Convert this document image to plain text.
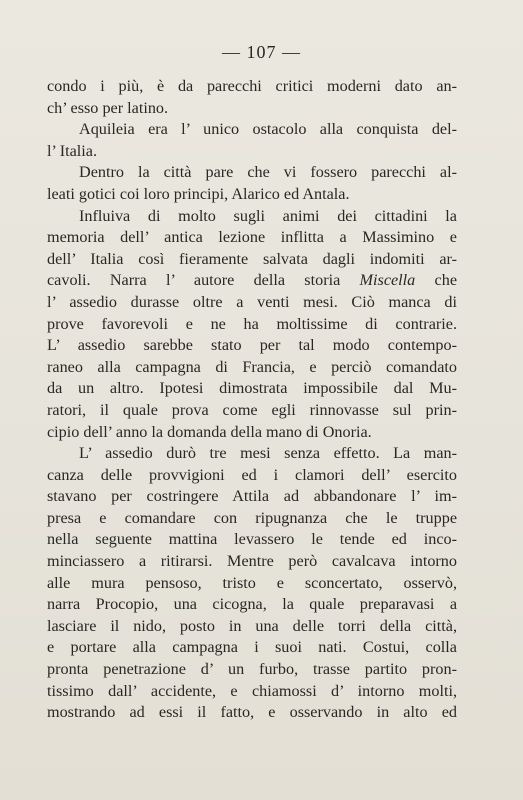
— 107 —

condo i più, è da parecchi critici moderni dato an-
ch’ esso per latino.

Aquileia era l’ unico ostacolo alla conquista del-
l’ Italia.

Dentro la città pare che vi fossero parecchi al-
leati gotici coi loro principi, Alarico ed Antala.

Influiva di molto sugli animi dei cittadini la
memoria dell’ antica lezione inflitta a Massimino e
dell’ Italia così fieramente salvata dagli indomiti ar-
cavoli. Narra l’ autore della storia Miscella che
l’ assedio durasse oltre a venti mesi. Ciò manca di
prove favorevoli e ne ha moltissime di contrarie.
L’ assedio sarebbe stato per tal modo contempo-
raneo alla campagna di Francia, e perciò comandato
da un altro. Ipotesi dimostrata impossibile dal Mu-
ratori, il quale prova come egli rinnovasse sul prin-
cipio dell’ anno la domanda della mano di Onoria.

L’ assedio durò tre mesi senza effetto. La man-
canza delle provvigioni ed i clamori dell’ esercito
stavano per costringere Attila ad abbandonare l’ im-
presa e comandare con ripugnanza che le truppe
nella seguente mattina levassero le tende ed inco-
minciassero a ritirarsi. Mentre però cavalcava intorno
alle mura pensoso, tristo e sconcertato, osservò,
narra Procopio, una cicogna, la quale preparavasi a
lasciare il nido, posto in una delle torri della città,
e portare alla campagna i suoi nati. Costui, colla
pronta penetrazione d’ un furbo, trasse partito pron-
tissimo dall’ accidente, e chiamossi d’ intorno molti,
mostrando ad essi il fatto, e osservando in alto ed
